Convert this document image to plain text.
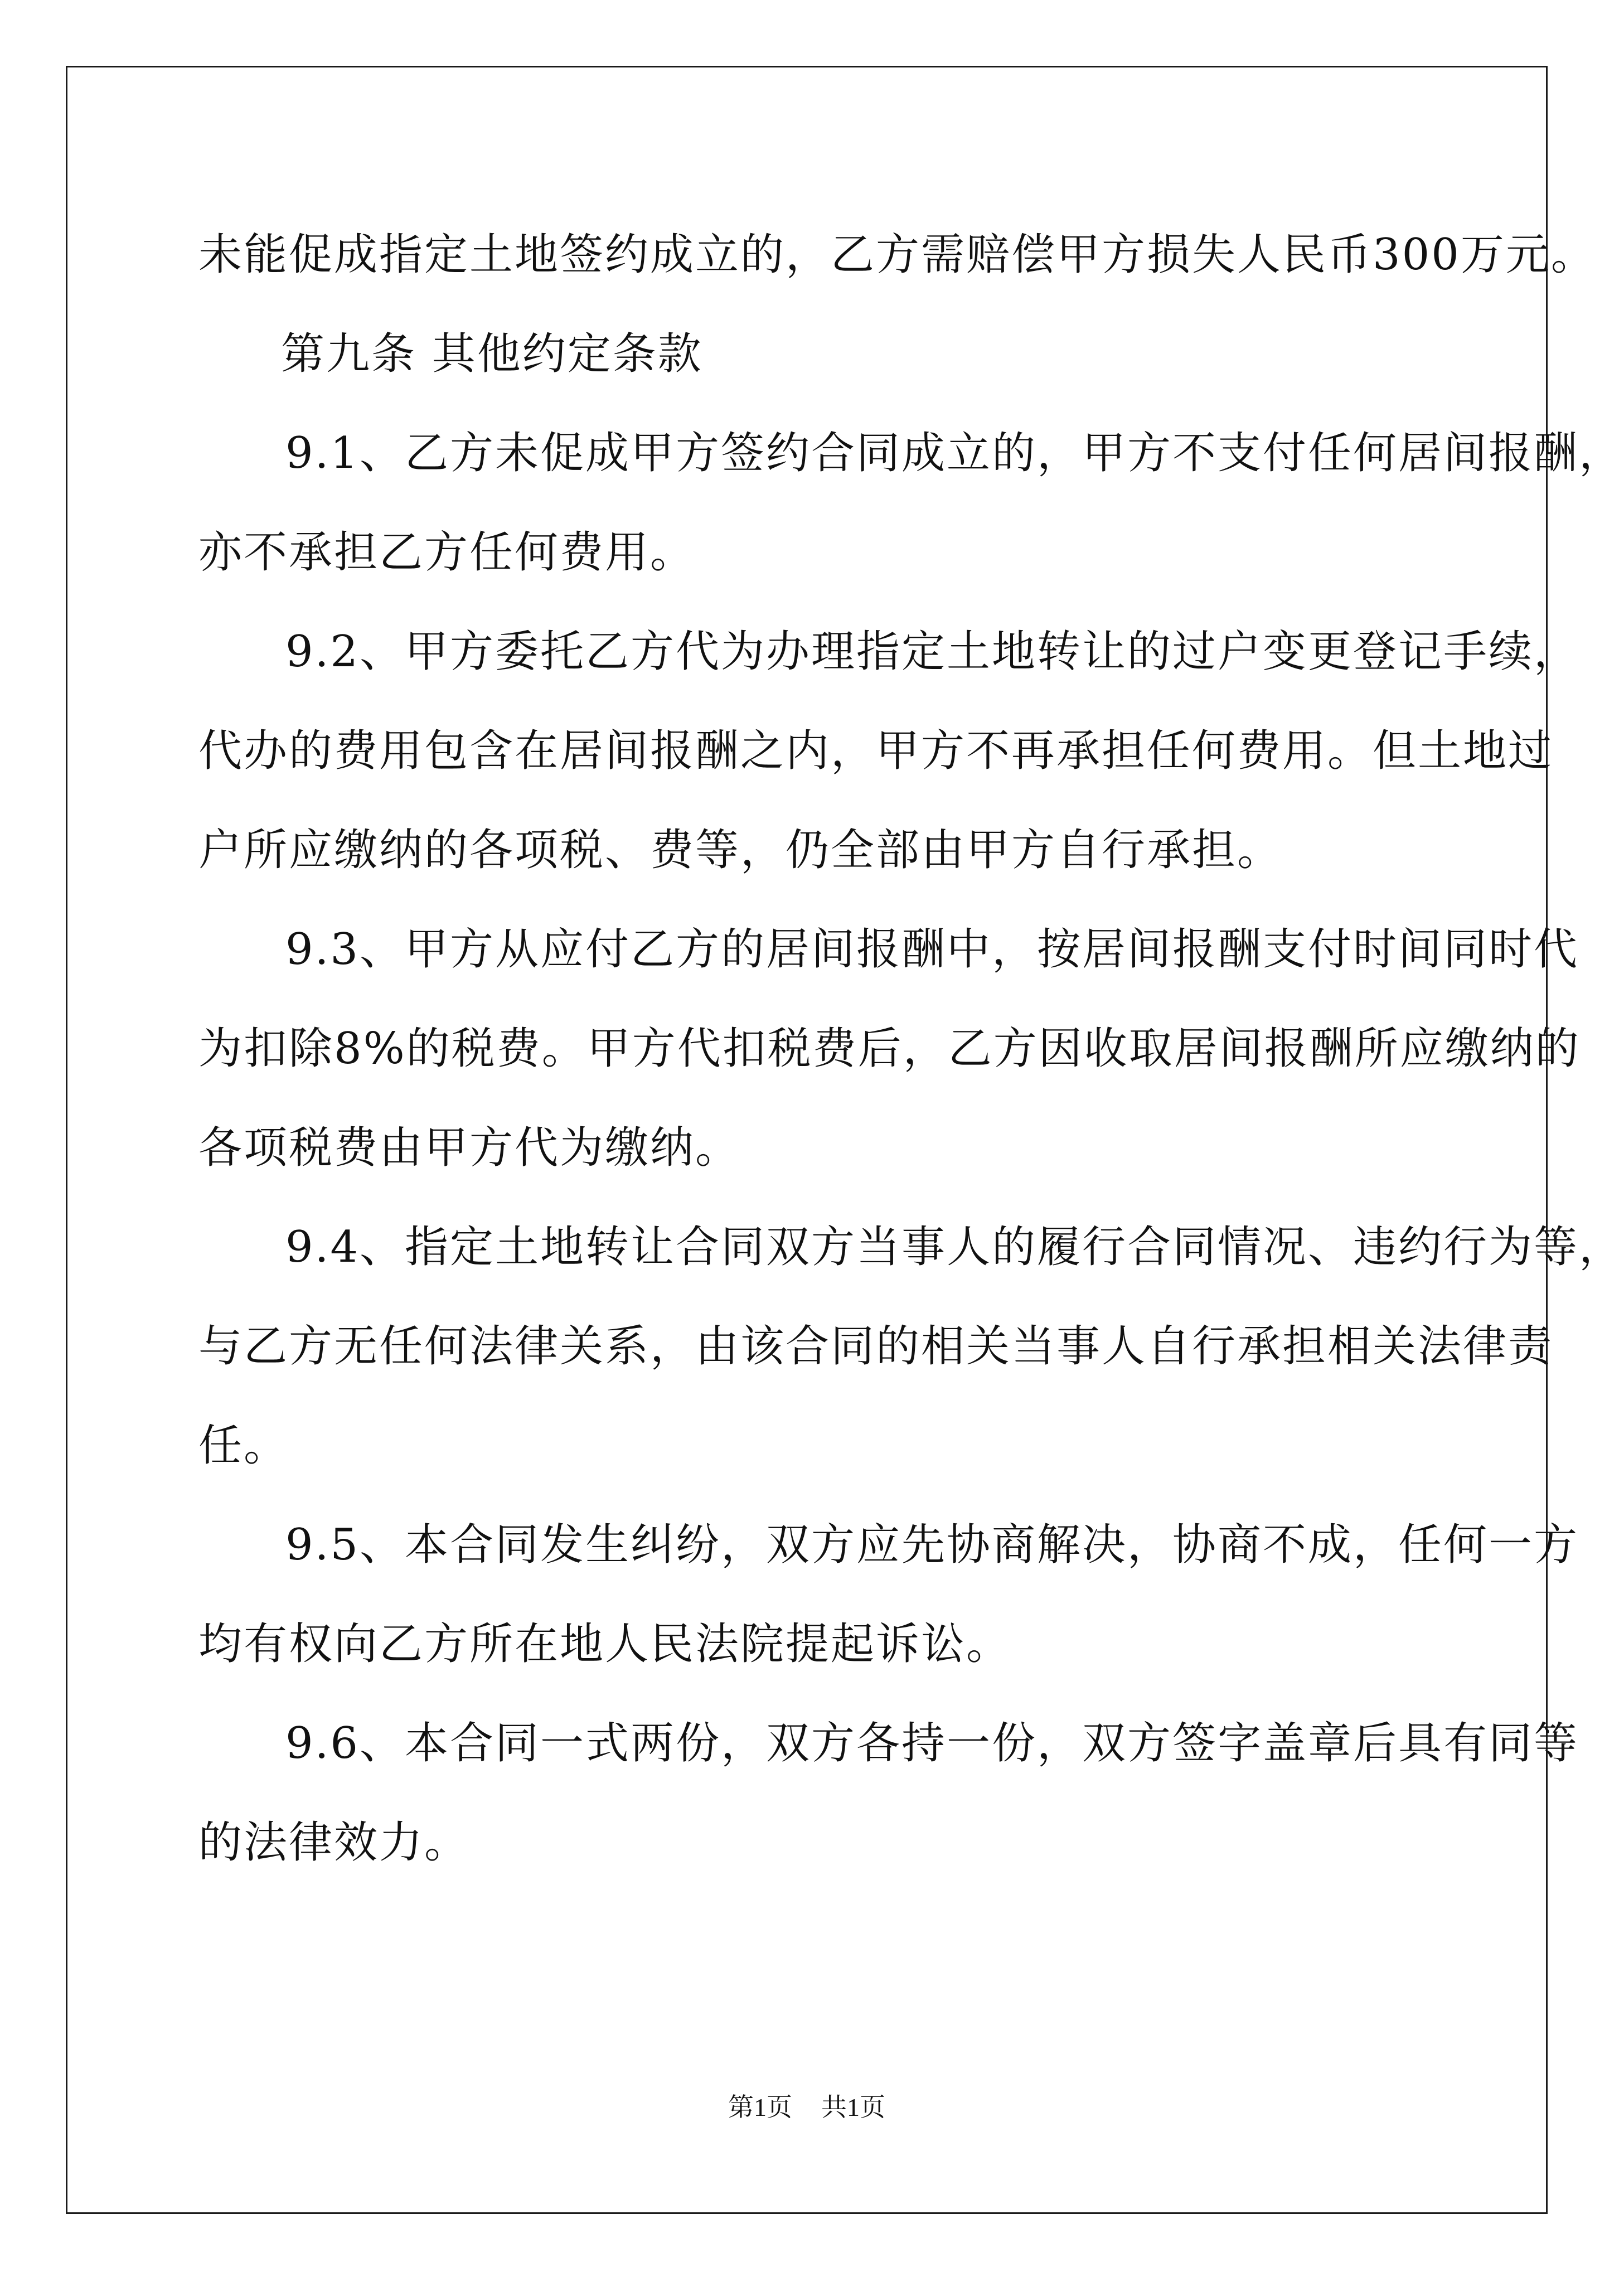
未能促成指定土地签约成立的，乙方需赔偿甲方损失人民币300万元。
第九条 其他约定条款
9.1、乙方未促成甲方签约合同成立的，甲方不支付任何居间报酬，
亦不承担乙方任何费用。
9.2、甲方委托乙方代为办理指定土地转让的过户变更登记手续，
代办的费用包含在居间报酬之内，甲方不再承担任何费用。但土地过
户所应缴纳的各项税、费等，仍全部由甲方自行承担。
9.3、甲方从应付乙方的居间报酬中，按居间报酬支付时间同时代
为扣除8%的税费。甲方代扣税费后，乙方因收取居间报酬所应缴纳的
各项税费由甲方代为缴纳。
9.4、指定土地转让合同双方当事人的履行合同情况、违约行为等，
与乙方无任何法律关系，由该合同的相关当事人自行承担相关法律责
任。
9.5、本合同发生纠纷，双方应先协商解决，协商不成，任何一方
均有权向乙方所在地人民法院提起诉讼。
9.6、本合同一式两份，双方各持一份，双方签字盖章后具有同等
的法律效力。
第1页 共1页
